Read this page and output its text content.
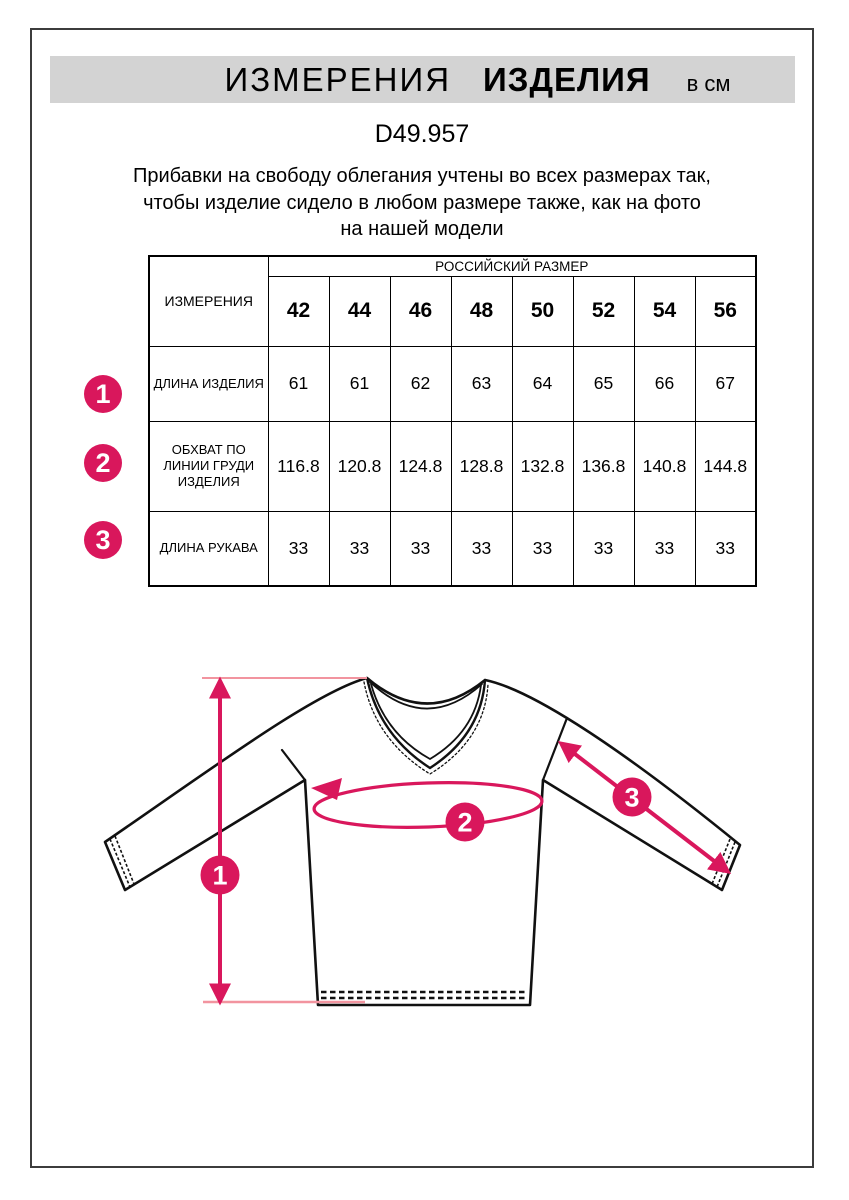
ИЗМЕРЕНИЯ ИЗДЕЛИЯ в см
D49.957
Прибавки на свободу облегания учтены во всех размерах так,
чтобы изделие сидело в любом размере также, как на фото
на нашей модели
ИЗМЕРЕНИЯ	РОССИЙСКИЙ РАЗМЕР							
	42	44	46	48	50	52	54	56
ДЛИНА ИЗДЕЛИЯ	61	61	62	63	64	65	66	67
ОБХВАТ ПО ЛИНИИ ГРУДИ ИЗДЕЛИЯ	116.8	120.8	124.8	128.8	132.8	136.8	140.8	144.8
ДЛИНА РУКАВА	33	33	33	33	33	33	33	33
1
2
3
1
2
3
